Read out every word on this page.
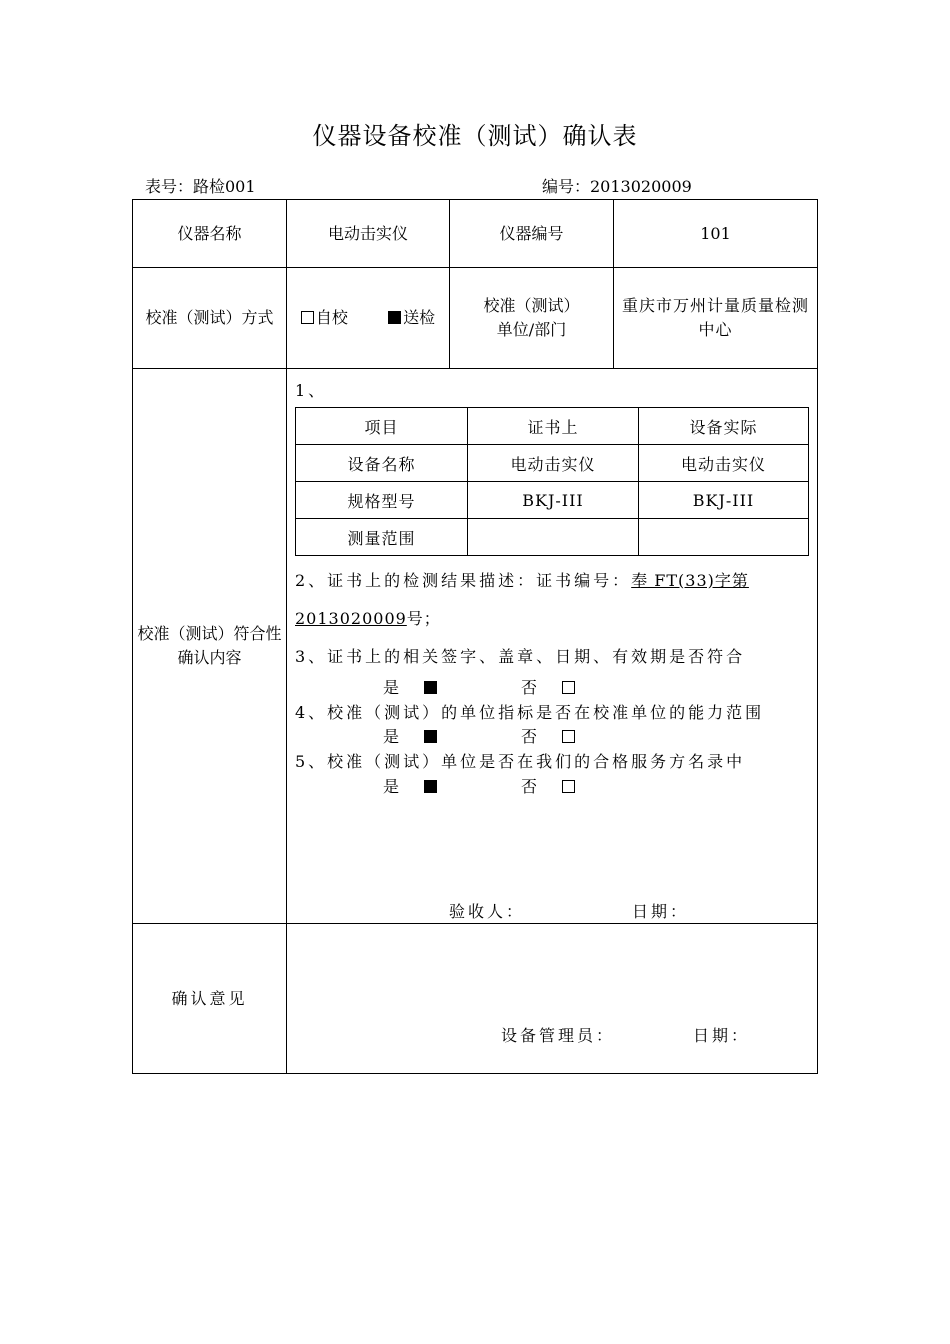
仪器设备校准（测试）确认表
表号：路检001	编号：2013020009
仪器名称	电动击实仪	仪器编号	101
校准（测试）方式	自校	送检	校准（测试）单位/部门	重庆市万州计量质量检测中心
校准（测试）符合性确认内容	
1、
项目	证书上	设备实际
设备名称	电动击实仪	电动击实仪
规格型号	BKJ-III	BKJ-III
测量范围		
2、证书上的检测结果描述：证书编号：奉 FT(33)字第
2013020009号；
3、证书上的相关签字、盖章、日期、有效期是否符合
是	否
4、校准（测试）的单位指标是否在校准单位的能力范围
是	否
5、校准（测试）单位是否在我们的合格服务方名录中
是	否
验收人：	日期：

确认意见	
设备管理员：	日期：
